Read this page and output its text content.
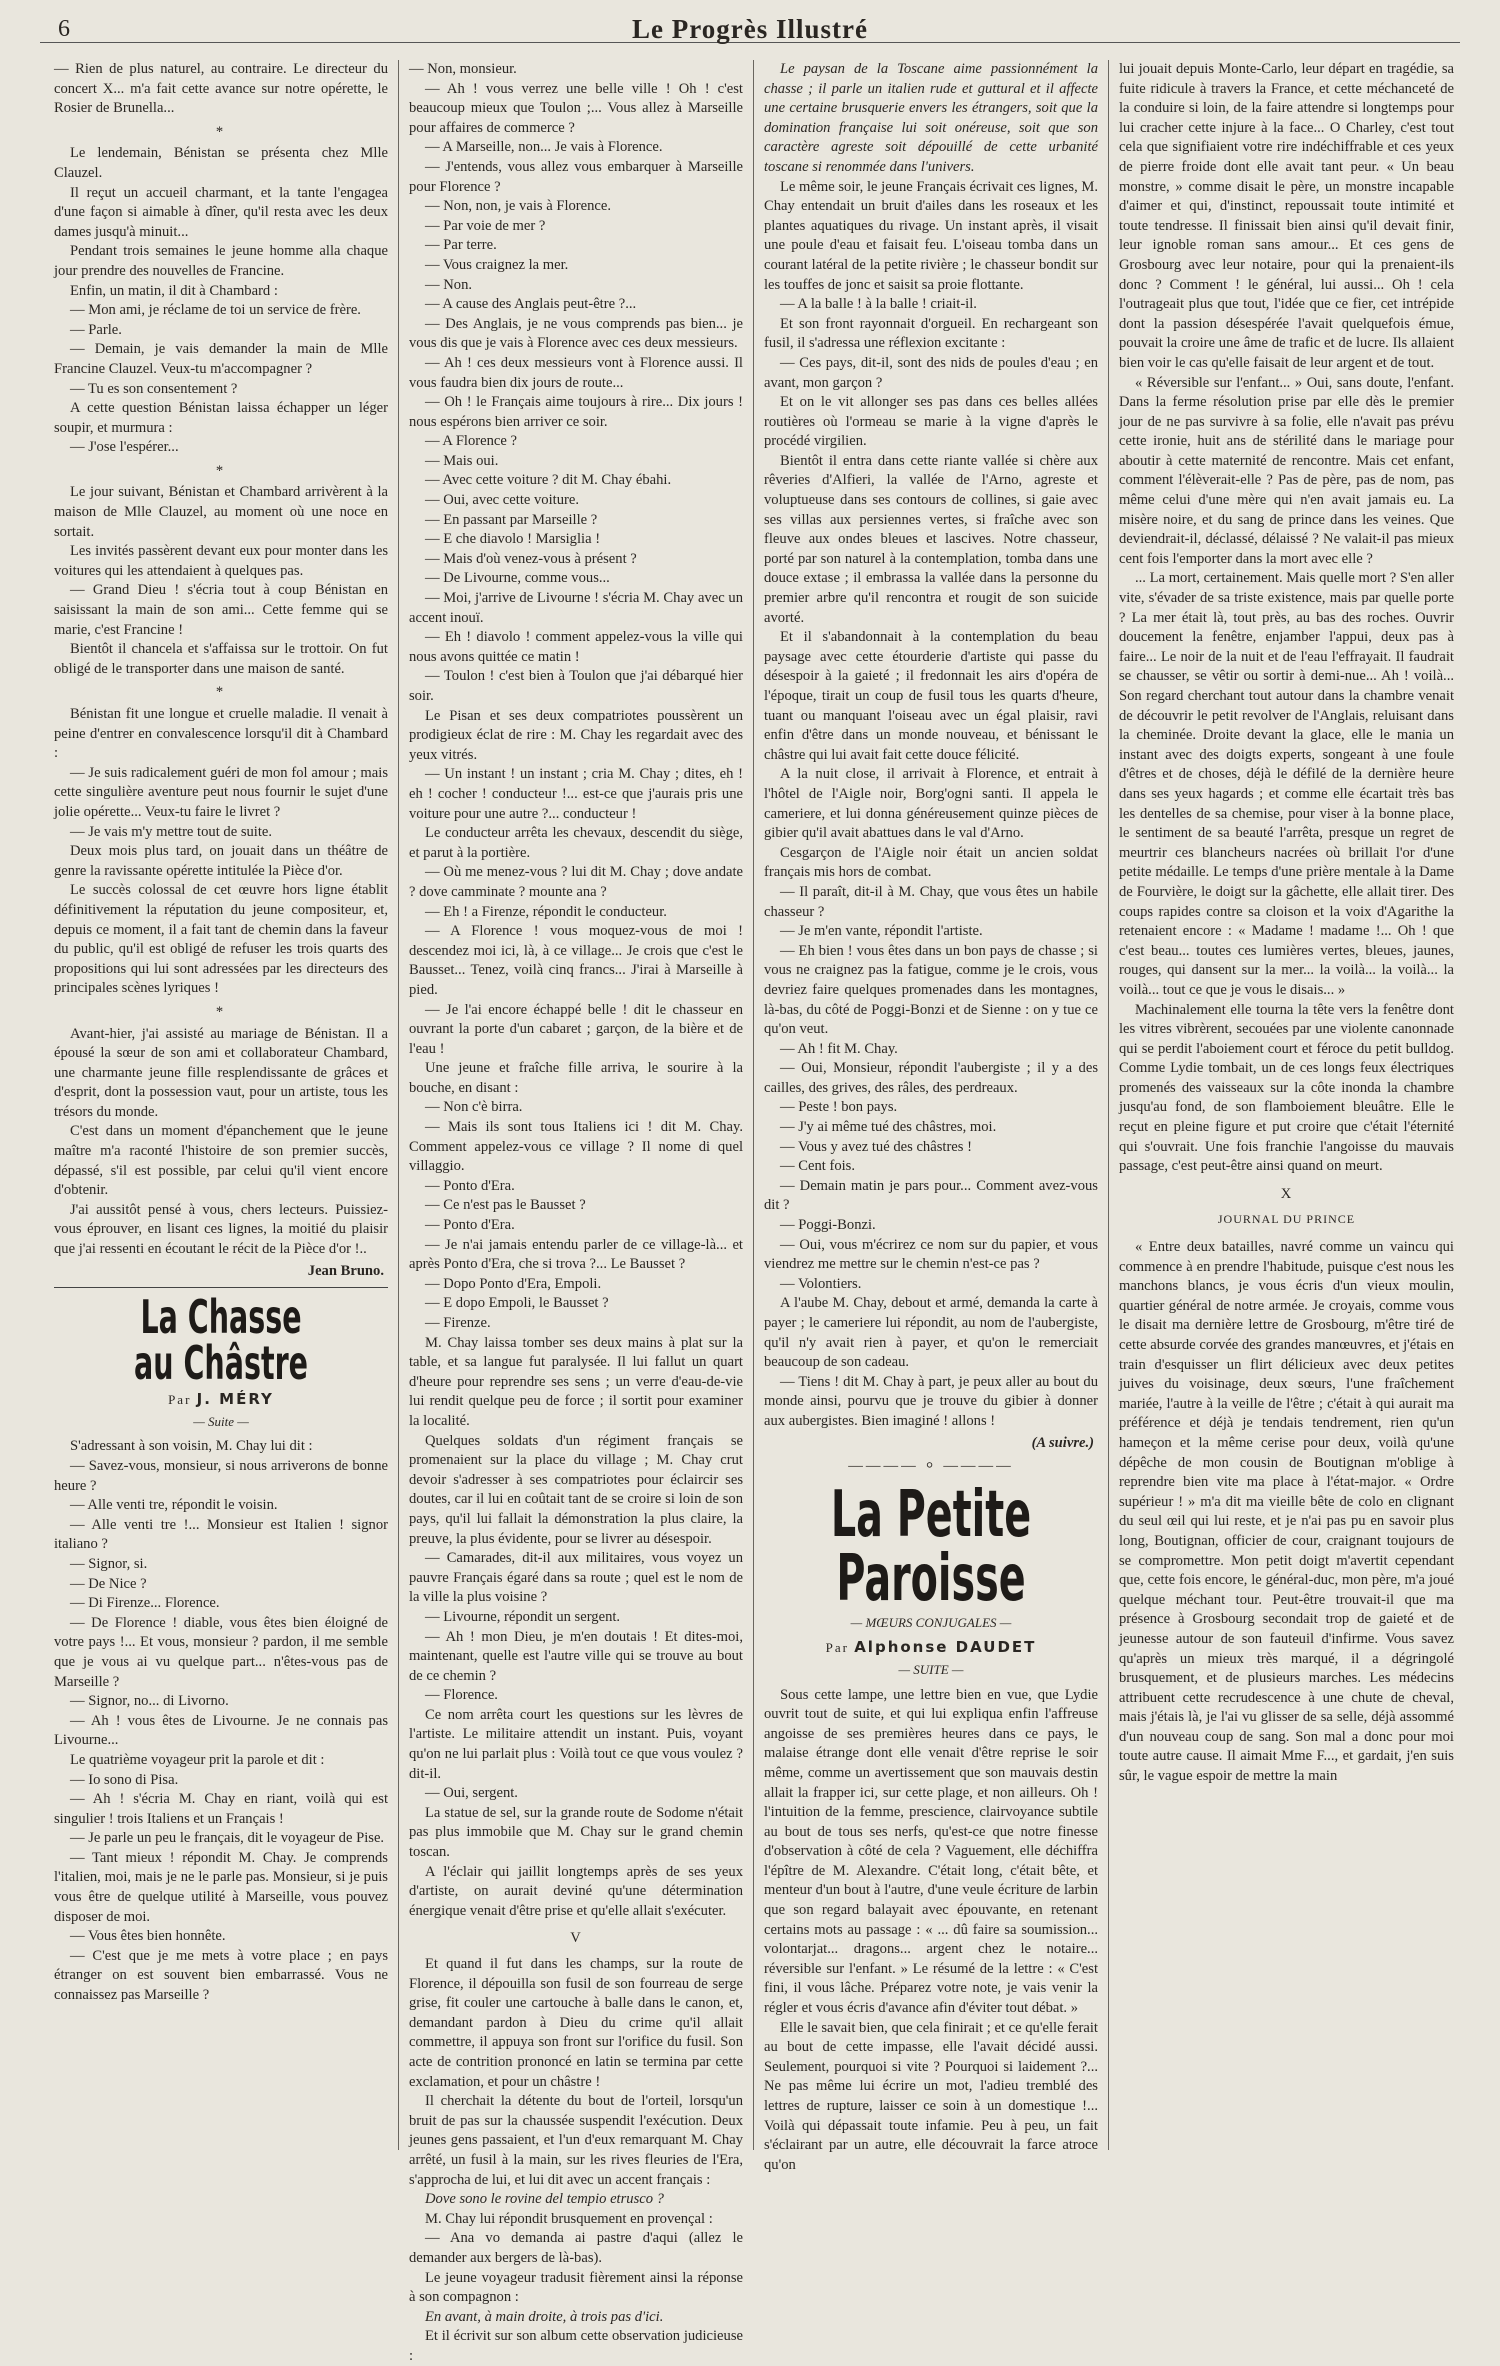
6	Le Progrès Illustré

— Rien de plus naturel, au contraire. Le directeur du concert X... m'a fait cette avance sur notre opérette, le Rosier de Brunella...

*

Le lendemain, Bénistan se présenta chez Mlle Clauzel.

Il reçut un accueil charmant, et la tante l'engagea d'une façon si aimable à dîner, qu'il resta avec les deux dames jusqu'à minuit...

Pendant trois semaines le jeune homme alla chaque jour prendre des nouvelles de Francine.

Enfin, un matin, il dit à Chambard :

— Mon ami, je réclame de toi un service de frère.

— Parle.

— Demain, je vais demander la main de Mlle Francine Clauzel. Veux-tu m'accompagner ?

— Tu es son consentement ?

A cette question Bénistan laissa échapper un léger soupir, et murmura :

— J'ose l'espérer...

*

Le jour suivant, Bénistan et Chambard arrivèrent à la maison de Mlle Clauzel, au moment où une noce en sortait.

Les invités passèrent devant eux pour monter dans les voitures qui les attendaient à quelques pas.

— Grand Dieu ! s'écria tout à coup Bénistan en saisissant la main de son ami... Cette femme qui se marie, c'est Francine !

Bientôt il chancela et s'affaissa sur le trottoir. On fut obligé de le transporter dans une maison de santé.

*

Bénistan fit une longue et cruelle maladie. Il venait à peine d'entrer en convalescence lorsqu'il dit à Chambard :

— Je suis radicalement guéri de mon fol amour ; mais cette singulière aventure peut nous fournir le sujet d'une jolie opérette... Veux-tu faire le livret ?

— Je vais m'y mettre tout de suite.

Deux mois plus tard, on jouait dans un théâtre de genre la ravissante opérette intitulée la Pièce d'or.

Le succès colossal de cet œuvre hors ligne établit définitivement la réputation du jeune compositeur, et, depuis ce moment, il a fait tant de chemin dans la faveur du public, qu'il est obligé de refuser les trois quarts des propositions qui lui sont adressées par les directeurs des principales scènes lyriques !

*

Avant-hier, j'ai assisté au mariage de Bénistan. Il a épousé la sœur de son ami et collaborateur Chambard, une charmante jeune fille resplendissante de grâces et d'esprit, dont la possession vaut, pour un artiste, tous les trésors du monde.

C'est dans un moment d'épanchement que le jeune maître m'a raconté l'histoire de son premier succès, dépassé, s'il est possible, par celui qu'il vient encore d'obtenir.

J'ai aussitôt pensé à vous, chers lecteurs. Puissiez-vous éprouver, en lisant ces lignes, la moitié du plaisir que j'ai ressenti en écoutant le récit de la Pièce d'or !..

Jean Bruno.
La Chasse au Châstre
Par J. MÉRY
— Suite —

S'adressant à son voisin, M. Chay lui dit :

— Savez-vous, monsieur, si nous arriverons de bonne heure ?

— Alle venti tre, répondit le voisin.

— Alle venti tre !... Monsieur est Italien ! signor italiano ?

— Signor, si.

— De Nice ?

— Di Firenze... Florence.

— De Florence ! diable, vous êtes bien éloigné de votre pays !... Et vous, monsieur ? pardon, il me semble que je vous ai vu quelque part... n'êtes-vous pas de Marseille ?

— Signor, no... di Livorno.

— Ah ! vous êtes de Livourne. Je ne connais pas Livourne...

Le quatrième voyageur prit la parole et dit :

— Io sono di Pisa.

— Ah ! s'écria M. Chay en riant, voilà qui est singulier ! trois Italiens et un Français !

— Je parle un peu le français, dit le voyageur de Pise.

— Tant mieux ! répondit M. Chay. Je comprends l'italien, moi, mais je ne le parle pas. Monsieur, si je puis vous être de quelque utilité à Marseille, vous pouvez disposer de moi.

— Vous êtes bien honnête.

— C'est que je me mets à votre place ; en pays étranger on est souvent bien embarrassé. Vous ne connaissez pas Marseille ?

— Non, monsieur.

— Ah ! vous verrez une belle ville ! Oh ! c'est beaucoup mieux que Toulon ;... Vous allez à Marseille pour affaires de commerce ?

— A Marseille, non... Je vais à Florence.

— J'entends, vous allez vous embarquer à Marseille pour Florence ?

— Non, non, je vais à Florence.

— Par voie de mer ?

— Par terre.

— Vous craignez la mer.

— Non.

— A cause des Anglais peut-être ?...

— Des Anglais, je ne vous comprends pas bien... je vous dis que je vais à Florence avec ces deux messieurs.

— Ah ! ces deux messieurs vont à Florence aussi. Il vous faudra bien dix jours de route...

— Oh ! le Français aime toujours à rire... Dix jours ! nous espérons bien arriver ce soir.

— A Florence ?

— Mais oui.

— Avec cette voiture ? dit M. Chay ébahi.

— Oui, avec cette voiture.

— En passant par Marseille ?

— E che diavolo ! Marsiglia !

— Mais d'où venez-vous à présent ?

— De Livourne, comme vous...

— Moi, j'arrive de Livourne ! s'écria M. Chay avec un accent inouï.

— Eh ! diavolo ! comment appelez-vous la ville qui nous avons quittée ce matin !

— Toulon ! c'est bien à Toulon que j'ai débarqué hier soir.

Le Pisan et ses deux compatriotes poussèrent un prodigieux éclat de rire : M. Chay les regardait avec des yeux vitrés.

— Un instant ! un instant ; cria M. Chay ; dites, eh ! eh ! cocher ! conducteur !... est-ce que j'aurais pris une voiture pour une autre ?... conducteur !

Le conducteur arrêta les chevaux, descendit du siège, et parut à la portière.

— Où me menez-vous ? lui dit M. Chay ; dove andate ? dove camminate ? mounte ana ?

— Eh ! a Firenze, répondit le conducteur.

— A Florence ! vous moquez-vous de moi ! descendez moi ici, là, à ce village... Je crois que c'est le Bausset... Tenez, voilà cinq francs... J'irai à Marseille à pied.

— Je l'ai encore échappé belle ! dit le chasseur en ouvrant la porte d'un cabaret ; garçon, de la bière et de l'eau !

Une jeune et fraîche fille arriva, le sourire à la bouche, en disant :

— Non c'è birra.

— Mais ils sont tous Italiens ici ! dit M. Chay. Comment appelez-vous ce village ? Il nome di quel villaggio.

— Ponto d'Era.

— Ce n'est pas le Bausset ?

— Ponto d'Era.

— Je n'ai jamais entendu parler de ce village-là... et après Ponto d'Era, che si trova ?... Le Bausset ?

— Dopo Ponto d'Era, Empoli.

— E dopo Empoli, le Bausset ?

— Firenze.

M. Chay laissa tomber ses deux mains à plat sur la table, et sa langue fut paralysée. Il lui fallut un quart d'heure pour reprendre ses sens ; un verre d'eau-de-vie lui rendit quelque peu de force ; il sortit pour examiner la localité.

Quelques soldats d'un régiment français se promenaient sur la place du village ; M. Chay crut devoir s'adresser à ses compatriotes pour éclaircir ses doutes, car il lui en coûtait tant de se croire si loin de son pays, qu'il lui fallait la démonstration la plus claire, la preuve, la plus évidente, pour se livrer au désespoir.

— Camarades, dit-il aux militaires, vous voyez un pauvre Français égaré dans sa route ; quel est le nom de la ville la plus voisine ?

— Livourne, répondit un sergent.

— Ah ! mon Dieu, je m'en doutais ! Et dites-moi, maintenant, quelle est l'autre ville qui se trouve au bout de ce chemin ?

— Florence.

Ce nom arrêta court les questions sur les lèvres de l'artiste. Le militaire attendit un instant. Puis, voyant qu'on ne lui parlait plus : Voilà tout ce que vous voulez ? dit-il.

— Oui, sergent.

La statue de sel, sur la grande route de Sodome n'était pas plus immobile que M. Chay sur le grand chemin toscan.

A l'éclair qui jaillit longtemps après de ses yeux d'artiste, on aurait deviné qu'une détermination énergique venait d'être prise et qu'elle allait s'exécuter.

V

Et quand il fut dans les champs, sur la route de Florence, il dépouilla son fusil de son fourreau de serge grise, fit couler une cartouche à balle dans le canon, et, demandant pardon à Dieu du crime qu'il allait commettre, il appuya son front sur l'orifice du fusil. Son acte de contrition prononcé en latin se termina par cette exclamation, et pour un châstre !

Il cherchait la détente du bout de l'orteil, lorsqu'un bruit de pas sur la chaussée suspendit l'exécution. Deux jeunes gens passaient, et l'un d'eux remarquant M. Chay arrêté, un fusil à la main, sur les rives fleuries de l'Era, s'approcha de lui, et lui dit avec un accent français :

Dove sono le rovine del tempio etrusco ?

M. Chay lui répondit brusquement en provençal :

— Ana vo demanda ai pastre d'aqui (allez le demander aux bergers de là-bas).

Le jeune voyageur tradusit fièrement ainsi la réponse à son compagnon :

En avant, à main droite, à trois pas d'ici.

Et il écrivit sur son album cette observation judicieuse :

Le paysan de la Toscane aime passionnément la chasse ; il parle un italien rude et guttural et il affecte une certaine brusquerie envers les étrangers, soit que la domination française lui soit onéreuse, soit que son caractère agreste soit dépouillé de cette urbanité toscane si renommée dans l'univers.

Le même soir, le jeune Français écrivait ces lignes, M. Chay entendait un bruit d'ailes dans les roseaux et les plantes aquatiques du rivage. Un instant après, il visait une poule d'eau et faisait feu. L'oiseau tomba dans un courant latéral de la petite rivière ; le chasseur bondit sur les touffes de jonc et saisit sa proie flottante.

— A la balle ! à la balle ! criait-il.

Et son front rayonnait d'orgueil. En rechargeant son fusil, il s'adressa une réflexion excitante :

— Ces pays, dit-il, sont des nids de poules d'eau ; en avant, mon garçon ?

Et on le vit allonger ses pas dans ces belles allées routières où l'ormeau se marie à la vigne d'après le procédé virgilien.

Bientôt il entra dans cette riante vallée si chère aux rêveries d'Alfieri, la vallée de l'Arno, agreste et voluptueuse dans ses contours de collines, si gaie avec ses villas aux persiennes vertes, si fraîche avec son fleuve aux ondes bleues et lascives. Notre chasseur, porté par son naturel à la contemplation, tomba dans une douce extase ; il embrassa la vallée dans la personne du premier arbre qu'il rencontra et rougit de son suicide avorté.

Et il s'abandonnait à la contemplation du beau paysage avec cette étourderie d'artiste qui passe du désespoir à la gaieté ; il fredonnait les airs d'opéra de l'époque, tirait un coup de fusil tous les quarts d'heure, tuant ou manquant l'oiseau avec un égal plaisir, ravi enfin d'être dans un monde nouveau, et bénissant le châstre qui lui avait fait cette douce félicité.

A la nuit close, il arrivait à Florence, et entrait à l'hôtel de l'Aigle noir, Borg'ogni santi. Il appela le cameriere, et lui donna généreusement quinze pièces de gibier qu'il avait abattues dans le val d'Arno.

Cesgarçon de l'Aigle noir était un ancien soldat français mis hors de combat.

— Il paraît, dit-il à M. Chay, que vous êtes un habile chasseur ?

— Je m'en vante, répondit l'artiste.

— Eh bien ! vous êtes dans un bon pays de chasse ; si vous ne craignez pas la fatigue, comme je le crois, vous devriez faire quelques promenades dans les montagnes, là-bas, du côté de Poggi-Bonzi et de Sienne : on y tue ce qu'on veut.

— Ah ! fit M. Chay.

— Oui, Monsieur, répondit l'aubergiste ; il y a des cailles, des grives, des râles, des perdreaux.

— Peste ! bon pays.

— J'y ai même tué des châstres, moi.

— Vous y avez tué des châstres !

— Cent fois.

— Demain matin je pars pour... Comment avez-vous dit ?

— Poggi-Bonzi.

— Oui, vous m'écrirez ce nom sur du papier, et vous viendrez me mettre sur le chemin n'est-ce pas ?

— Volontiers.

A l'aube M. Chay, debout et armé, demanda la carte à payer ; le cameriere lui répondit, au nom de l'aubergiste, qu'il n'y avait rien à payer, et qu'on le remerciait beaucoup de son cadeau.

— Tiens ! dit M. Chay à part, je peux aller au bout du monde ainsi, pourvu que je trouve du gibier à donner aux aubergistes. Bien imaginé ! allons !

(A suivre.)
———— ⸰ ————
La Petite Paroisse
— MŒURS CONJUGALES —
Par Alphonse DAUDET
— SUITE —

Sous cette lampe, une lettre bien en vue, que Lydie ouvrit tout de suite, et qui lui expliqua enfin l'affreuse angoisse de ses premières heures dans ce pays, le malaise étrange dont elle venait d'être reprise le soir même, comme un avertissement que son mauvais destin allait la frapper ici, sur cette plage, et non ailleurs. Oh ! l'intuition de la femme, prescience, clairvoyance subtile au bout de tous ses nerfs, qu'est-ce que notre finesse d'observation à côté de cela ? Vaguement, elle déchiffra l'épître de M. Alexandre. C'était long, c'était bête, et menteur d'un bout à l'autre, d'une veule écriture de larbin que son regard balayait avec épouvante, en retenant certains mots au passage : « ... dû faire sa soumission... volontarjat... dragons... argent chez le notaire... réversible sur l'enfant. » Le résumé de la lettre : « C'est fini, il vous lâche. Préparez votre note, je vais venir la régler et vous écris d'avance afin d'éviter tout débat. »

Elle le savait bien, que cela finirait ; et ce qu'elle ferait au bout de cette impasse, elle l'avait décidé aussi. Seulement, pourquoi si vite ? Pourquoi si laidement ?... Ne pas même lui écrire un mot, l'adieu tremblé des lettres de rupture, laisser ce soin à un domestique !... Voilà qui dépassait toute infamie. Peu à peu, un fait s'éclairant par un autre, elle découvrait la farce atroce qu'on

lui jouait depuis Monte-Carlo, leur départ en tragédie, sa fuite ridicule à travers la France, et cette méchanceté de la conduire si loin, de la faire attendre si longtemps pour lui cracher cette injure à la face... O Charley, c'est tout cela que signifiaient votre rire indéchiffrable et ces yeux de pierre froide dont elle avait tant peur. « Un beau monstre, » comme disait le père, un monstre incapable d'aimer et qui, d'instinct, repoussait toute intimité et toute tendresse. Il finissait bien ainsi qu'il devait finir, leur ignoble roman sans amour... Et ces gens de Grosbourg avec leur notaire, pour qui la prenaient-ils donc ? Comment ! le général, lui aussi... Oh ! cela l'outrageait plus que tout, l'idée que ce fier, cet intrépide dont la passion désespérée l'avait quelquefois émue, pouvait la croire une âme de trafic et de lucre. Ils allaient bien voir le cas qu'elle faisait de leur argent et de tout.

« Réversible sur l'enfant... » Oui, sans doute, l'enfant. Dans la ferme résolution prise par elle dès le premier jour de ne pas survivre à sa folie, elle n'avait pas prévu cette ironie, huit ans de stérilité dans le mariage pour aboutir à cette maternité de rencontre. Mais cet enfant, comment l'élèverait-elle ? Pas de père, pas de nom, pas même celui d'une mère qui n'en avait jamais eu. La misère noire, et du sang de prince dans les veines. Que deviendrait-il, déclassé, délaissé ? Ne valait-il pas mieux cent fois l'emporter dans la mort avec elle ?

... La mort, certainement. Mais quelle mort ? S'en aller vite, s'évader de sa triste existence, mais par quelle porte ? La mer était là, tout près, au bas des roches. Ouvrir doucement la fenêtre, enjamber l'appui, deux pas à faire... Le noir de la nuit et de l'eau l'effrayait. Il faudrait se chausser, se vêtir ou sortir à demi-nue... Ah ! voilà... Son regard cherchant tout autour dans la chambre venait de découvrir le petit revolver de l'Anglais, reluisant dans la cheminée. Droite devant la glace, elle le mania un instant avec des doigts experts, songeant à une foule d'êtres et de choses, déjà le défilé de la dernière heure dans ses yeux hagards ; et comme elle écartait très bas les dentelles de sa chemise, pour viser à la bonne place, le sentiment de sa beauté l'arrêta, presque un regret de meurtrir ces blancheurs nacrées où brillait l'or d'une petite médaille. Le temps d'une prière mentale à la Dame de Fourvière, le doigt sur la gâchette, elle allait tirer. Des coups rapides contre sa cloison et la voix d'Agarithe la retenaient encore : « Madame ! madame !... Oh ! que c'est beau... toutes ces lumières vertes, bleues, jaunes, rouges, qui dansent sur la mer... la voilà... la voilà... la voilà... tout ce que je vous le disais... »

Machinalement elle tourna la tête vers la fenêtre dont les vitres vibrèrent, secouées par une violente canonnade qui se perdit l'aboiement court et féroce du petit bulldog. Comme Lydie tombait, un de ces longs feux électriques promenés des vaisseaux sur la côte inonda la chambre jusqu'au fond, de son flamboiement bleuâtre. Elle le reçut en pleine figure et put croire que c'était l'éternité qui s'ouvrait. Une fois franchie l'angoisse du mauvais passage, c'est peut-être ainsi quand on meurt.

X
JOURNAL DU PRINCE

« Entre deux batailles, navré comme un vaincu qui commence à en prendre l'habitude, puisque c'est nous les manchons blancs, je vous écris d'un vieux moulin, quartier général de notre armée. Je croyais, comme vous le disait ma dernière lettre de Grosbourg, m'être tiré de cette absurde corvée des grandes manœuvres, et j'étais en train d'esquisser un flirt délicieux avec deux petites juives du voisinage, deux sœurs, l'une fraîchement mariée, l'autre à la veille de l'être ; c'était à qui aurait ma préférence et déjà je tendais tendrement, rien qu'un hameçon et la même cerise pour deux, voilà qu'une dépêche de mon cousin de Boutignan m'oblige à reprendre bien vite ma place à l'état-major. « Ordre supérieur ! » m'a dit ma vieille bête de colo en clignant du seul œil qui lui reste, et je n'ai pas pu en savoir plus long, Boutignan, officier de cour, craignant toujours de se compromettre. Mon petit doigt m'avertit cependant que, cette fois encore, le général-duc, mon père, m'a joué quelque méchant tour. Peut-être trouvait-il que ma présence à Grosbourg secondait trop de gaieté et de jeunesse autour de son fauteuil d'infirme. Vous savez qu'après un mieux très marqué, il a dégringolé brusquement, et de plusieurs marches. Les médecins attribuent cette recrudescence à une chute de cheval, mais j'étais là, je l'ai vu glisser de sa selle, déjà assommé d'un nouveau coup de sang. Son mal a donc pour moi toute autre cause. Il aimait Mme F..., et gardait, j'en suis sûr, le vague espoir de mettre la main
